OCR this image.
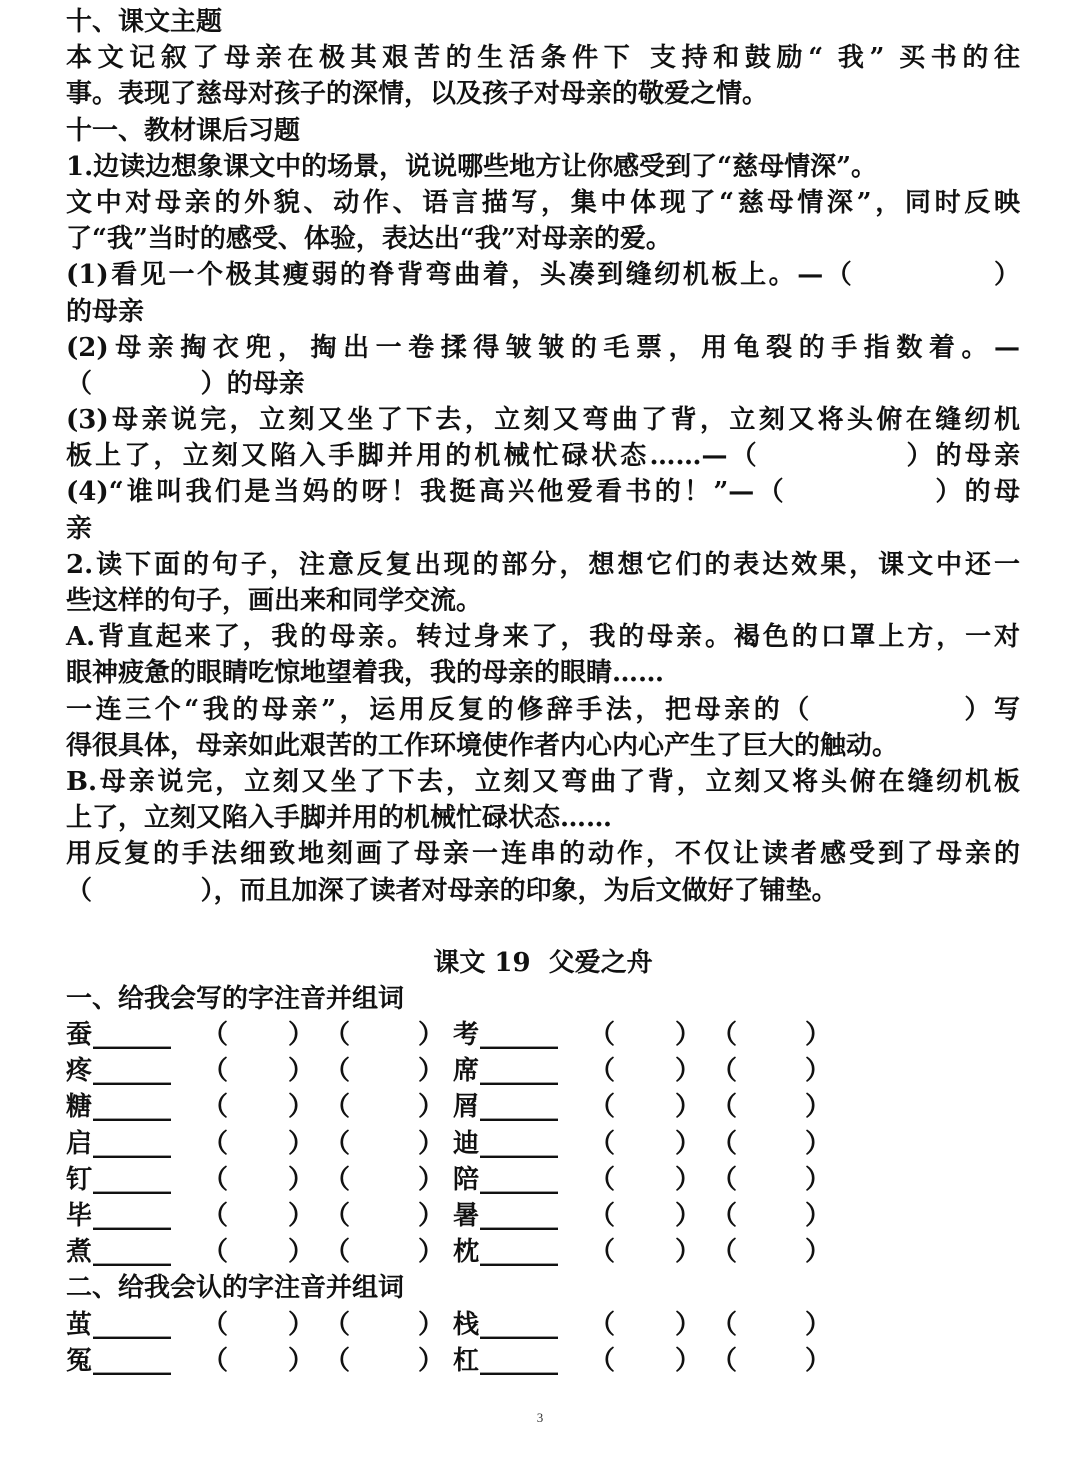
十、课文主题
本文记叙了母亲在极其艰苦的生活条件下 支持和鼓励“ 我” 买书的往
事。表现了慈母对孩子的深情，以及孩子对母亲的敬爱之情。
十一、教材课后习题
1.边读边想象课文中的场景，说说哪些地方让你感受到了“慈母情深”。
文中对母亲的外貌、动作、语言描写，集中体现了“慈母情深”，同时反映
了“我”当时的感受、体验，表达出“我”对母亲的爱。
(1)看见一个极其瘦弱的脊背弯曲着，头凑到缝纫机板上。—（            ）
的母亲
(2)母亲掏衣兜，掏出一卷揉得皱皱的毛票，用龟裂的手指数着。—
（            ）的母亲
(3)母亲说完，立刻又坐了下去，立刻又弯曲了背，立刻又将头俯在缝纫机
板上了，立刻又陷入手脚并用的机械忙碌状态……—（            ）的母亲
(4)“谁叫我们是当妈的呀！我挺高兴他爱看书的！”—（            ）的母
亲
2.读下面的句子，注意反复出现的部分，想想它们的表达效果，课文中还一
些这样的句子，画出来和同学交流。
A.背直起来了，我的母亲。转过身来了，我的母亲。褐色的口罩上方，一对
眼神疲惫的眼睛吃惊地望着我，我的母亲的眼睛……
一连三个“我的母亲”，运用反复的修辞手法，把母亲的（            ）写
得很具体，母亲如此艰苦的工作环境使作者内心内心产生了巨大的触动。
B.母亲说完，立刻又坐了下去，立刻又弯曲了背，立刻又将头俯在缝纫机板
上了，立刻又陷入手脚并用的机械忙碌状态……
用反复的手法细致地刻画了母亲一连串的动作，不仅让读者感受到了母亲的
（            ），而且加深了读者对母亲的印象，为后文做好了铺垫。
课文 19  父爱之舟
一、给我会写的字注音并组词
蚕 ______ （ ） （	） 考 ______ （ ） （	）
疼 ______ （ ） （	） 席 ______ （ ） （	）
糖 ______ （ ） （	） 屑 ______ （ ） （	）
启 ______ （ ） （	） 迪 ______ （ ） （	）
钉 ______ （ ） （	） 陪 ______ （ ） （	）
毕 ______ （ ） （	） 暑 ______ （ ） （	）
煮 ______ （ ） （	） 枕 ______ （ ） （	）
二、给我会认的字注音并组词
茧 ______ （ ） （	） 栈 ______ （ ） （	）
冤 ______ （ ） （	） 杠 ______ （ ） （	）
3
